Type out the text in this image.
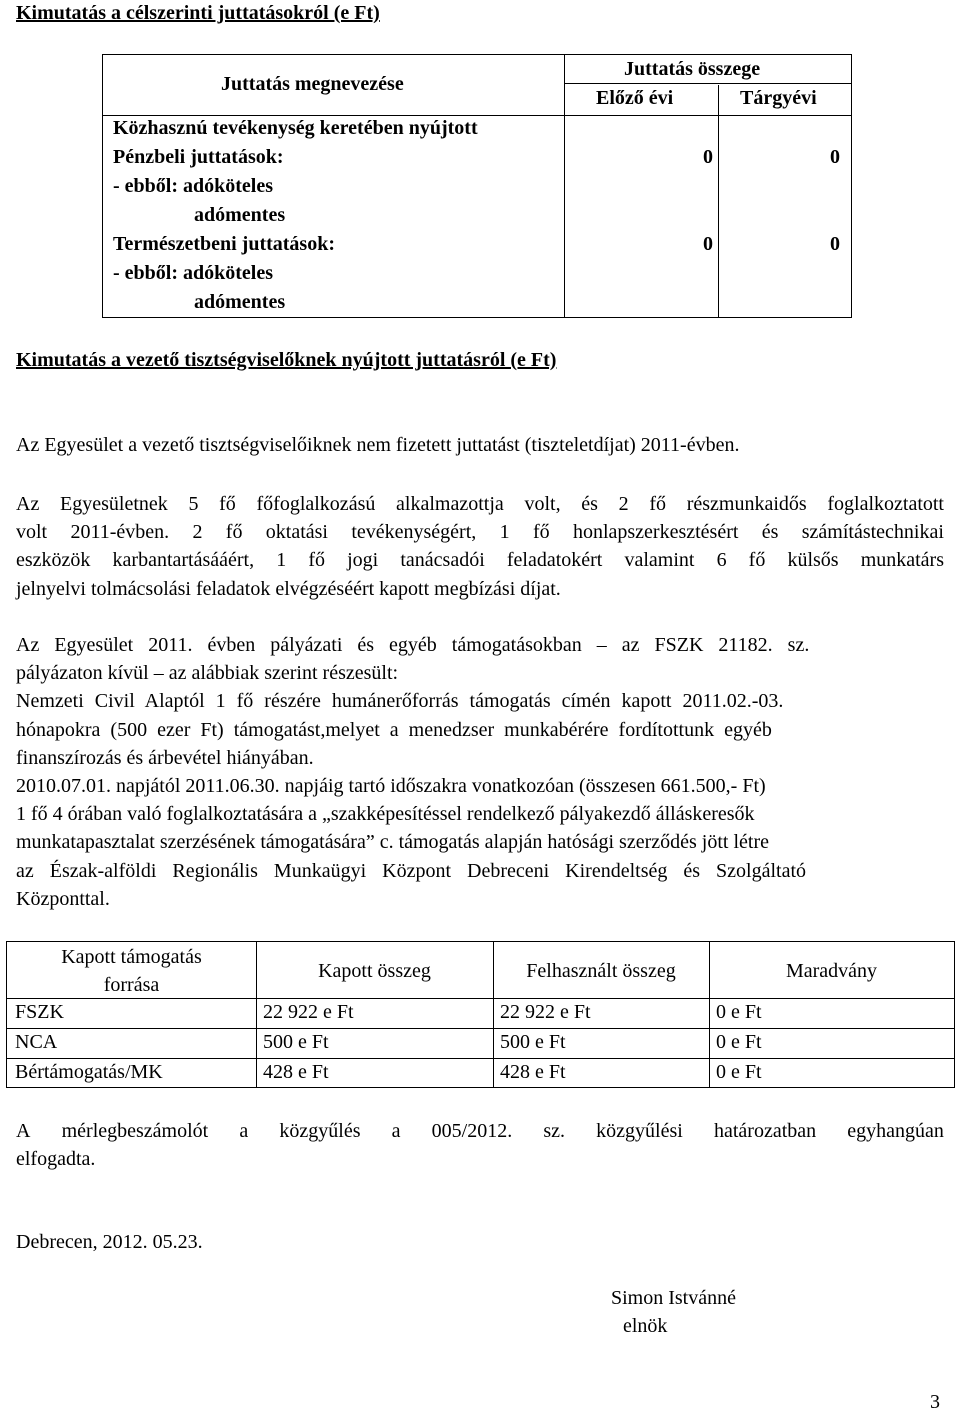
Kimutatás a célszerinti juttatásokról (e Ft)
Juttatás megnevezése
Juttatás összege
Előző évi	Tárgyévi
Közhasznú tevékenység keretében nyújtott
Pénzbeli juttatások:	0	0
- ebből: adóköteles
adómentes
Természetbeni juttatások:	0	0
- ebből: adóköteles
adómentes
Kimutatás a vezető tisztségviselőknek nyújtott juttatásról (e Ft)
Az Egyesület a vezető tisztségviselőiknek nem fizetett juttatást (tiszteletdíjat) 2011-évben.
Az Egyesületnek 5 fő főfoglalkozású alkalmazottja volt, és 2 fő részmunkaidős foglalkoztatott
volt 2011-évben. 2 fő oktatási tevékenységért, 1 fő honlapszerkesztésért és számítástechnikai
eszközök karbantartásááért, 1 fő jogi tanácsadói feladatokért valamint 6 fő külsős munkatárs
jelnyelvi tolmácsolási feladatok elvégzéséért kapott megbízási díjat.
Az Egyesület 2011. évben pályázati és egyéb támogatásokban – az FSZK 21182. sz.
pályázaton kívül – az alábbiak szerint részesült:
Nemzeti Civil Alaptól 1 fő részére humánerőforrás támogatás címén kapott 2011.02.-03.
hónapokra (500 ezer Ft) támogatást,melyet a menedzser munkabérére fordítottunk egyéb
finanszírozás és árbevétel hiányában.
2010.07.01. napjától 2011.06.30. napjáig tartó időszakra vonatkozóan (összesen 661.500,- Ft)
1 fő 4 órában való foglalkoztatására a „szakképesítéssel rendelkező pályakezdő álláskeresők
munkatapasztalat szerzésének támogatására” c. támogatás alapján hatósági szerződés jött létre
az Észak-alföldi Regionális Munkaügyi Központ Debreceni Kirendeltség és Szolgáltató
Központtal.
Kapott támogatás
forrása
Kapott összeg	Felhasznált összeg	Maradvány
FSZK	22 922 e Ft	22 922 e Ft	0 e Ft
NCA	500 e Ft	500 e Ft	0 e Ft
Bértámogatás/MK	428 e Ft	428 e Ft	0 e Ft
A mérlegbeszámolót a közgyűlés a 005/2012. sz. közgyűlési határozatban egyhangúan
elfogadta.
Debrecen, 2012. 05.23.
Simon Istvánné
elnök
3
